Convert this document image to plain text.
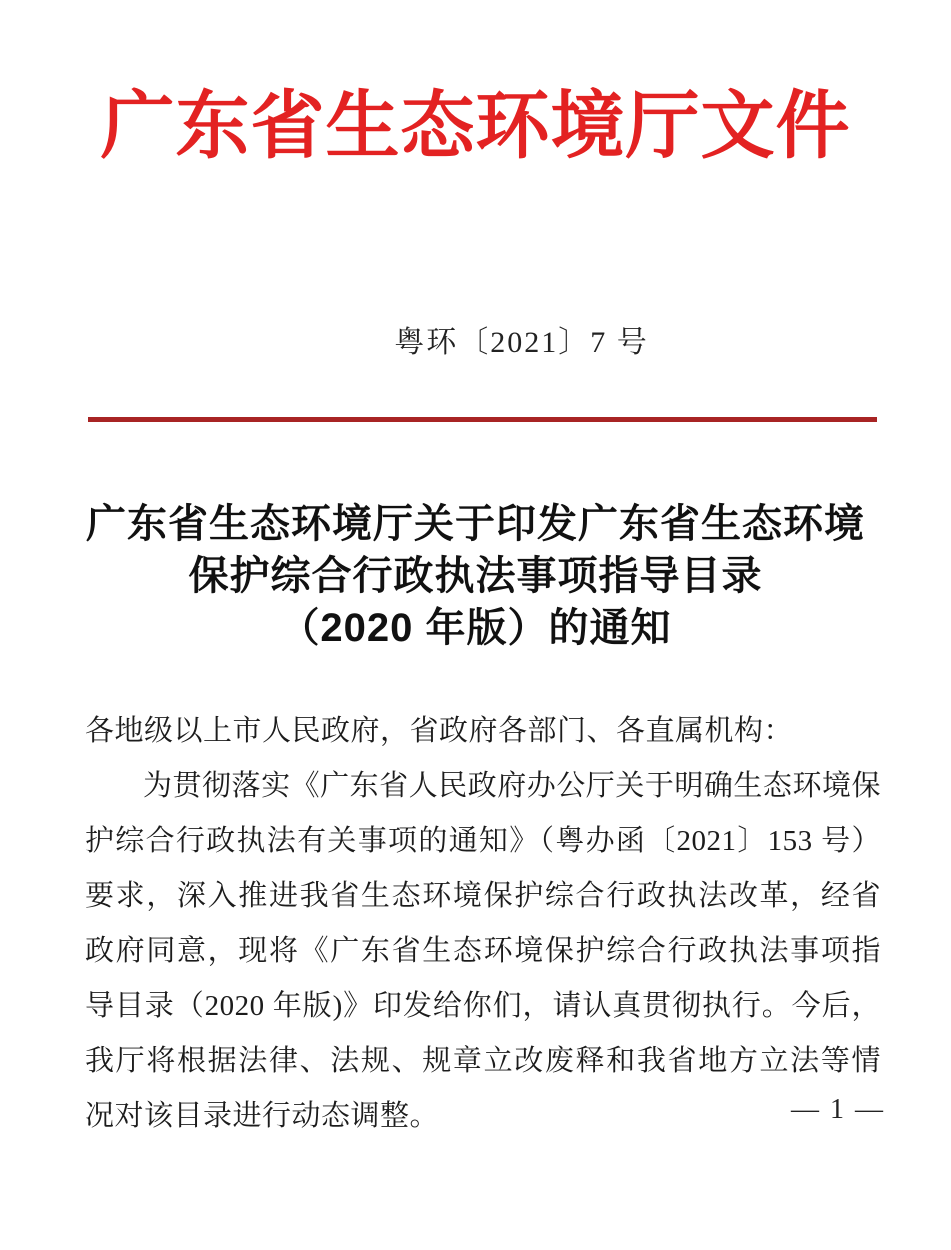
广东省生态环境厅文件
粤环〔2021〕7 号
广东省生态环境厅关于印发广东省生态环境
保护综合行政执法事项指导目录
（2020 年版）的通知

各地级以上市人民政府，省政府各部门、各直属机构：

为贯彻落实《广东省人民政府办公厅关于明确生态环境保护综合行政执法有关事项的通知》（粤办函〔2021〕153 号）要求，深入推进我省生态环境保护综合行政执法改革，经省政府同意，现将《广东省生态环境保护综合行政执法事项指导目录（2020 年版)》印发给你们，请认真贯彻执行。今后，我厅将根据法律、法规、规章立改废释和我省地方立法等情况对该目录进行动态调整。	— 1 —
